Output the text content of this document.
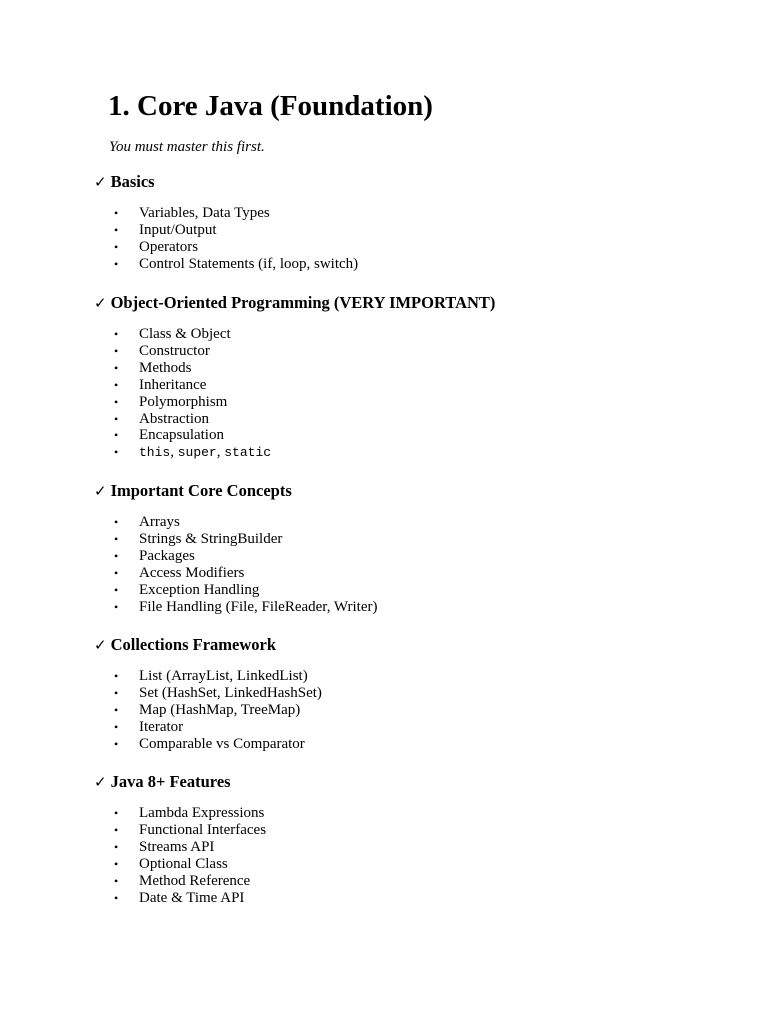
1. Core Java (Foundation)

You must master this first.

✓ Basics
• Variables, Data Types
• Input/Output
• Operators
• Control Statements (if, loop, switch)
✓ Object-Oriented Programming (VERY IMPORTANT)
• Class & Object
• Constructor
• Methods
• Inheritance
• Polymorphism
• Abstraction
• Encapsulation
• this, super, static
✓ Important Core Concepts
• Arrays
• Strings & StringBuilder
• Packages
• Access Modifiers
• Exception Handling
• File Handling (File, FileReader, Writer)
✓ Collections Framework
• List (ArrayList, LinkedList)
• Set (HashSet, LinkedHashSet)
• Map (HashMap, TreeMap)
• Iterator
• Comparable vs Comparator
✓ Java 8+ Features
• Lambda Expressions
• Functional Interfaces
• Streams API
• Optional Class
• Method Reference
• Date & Time API
